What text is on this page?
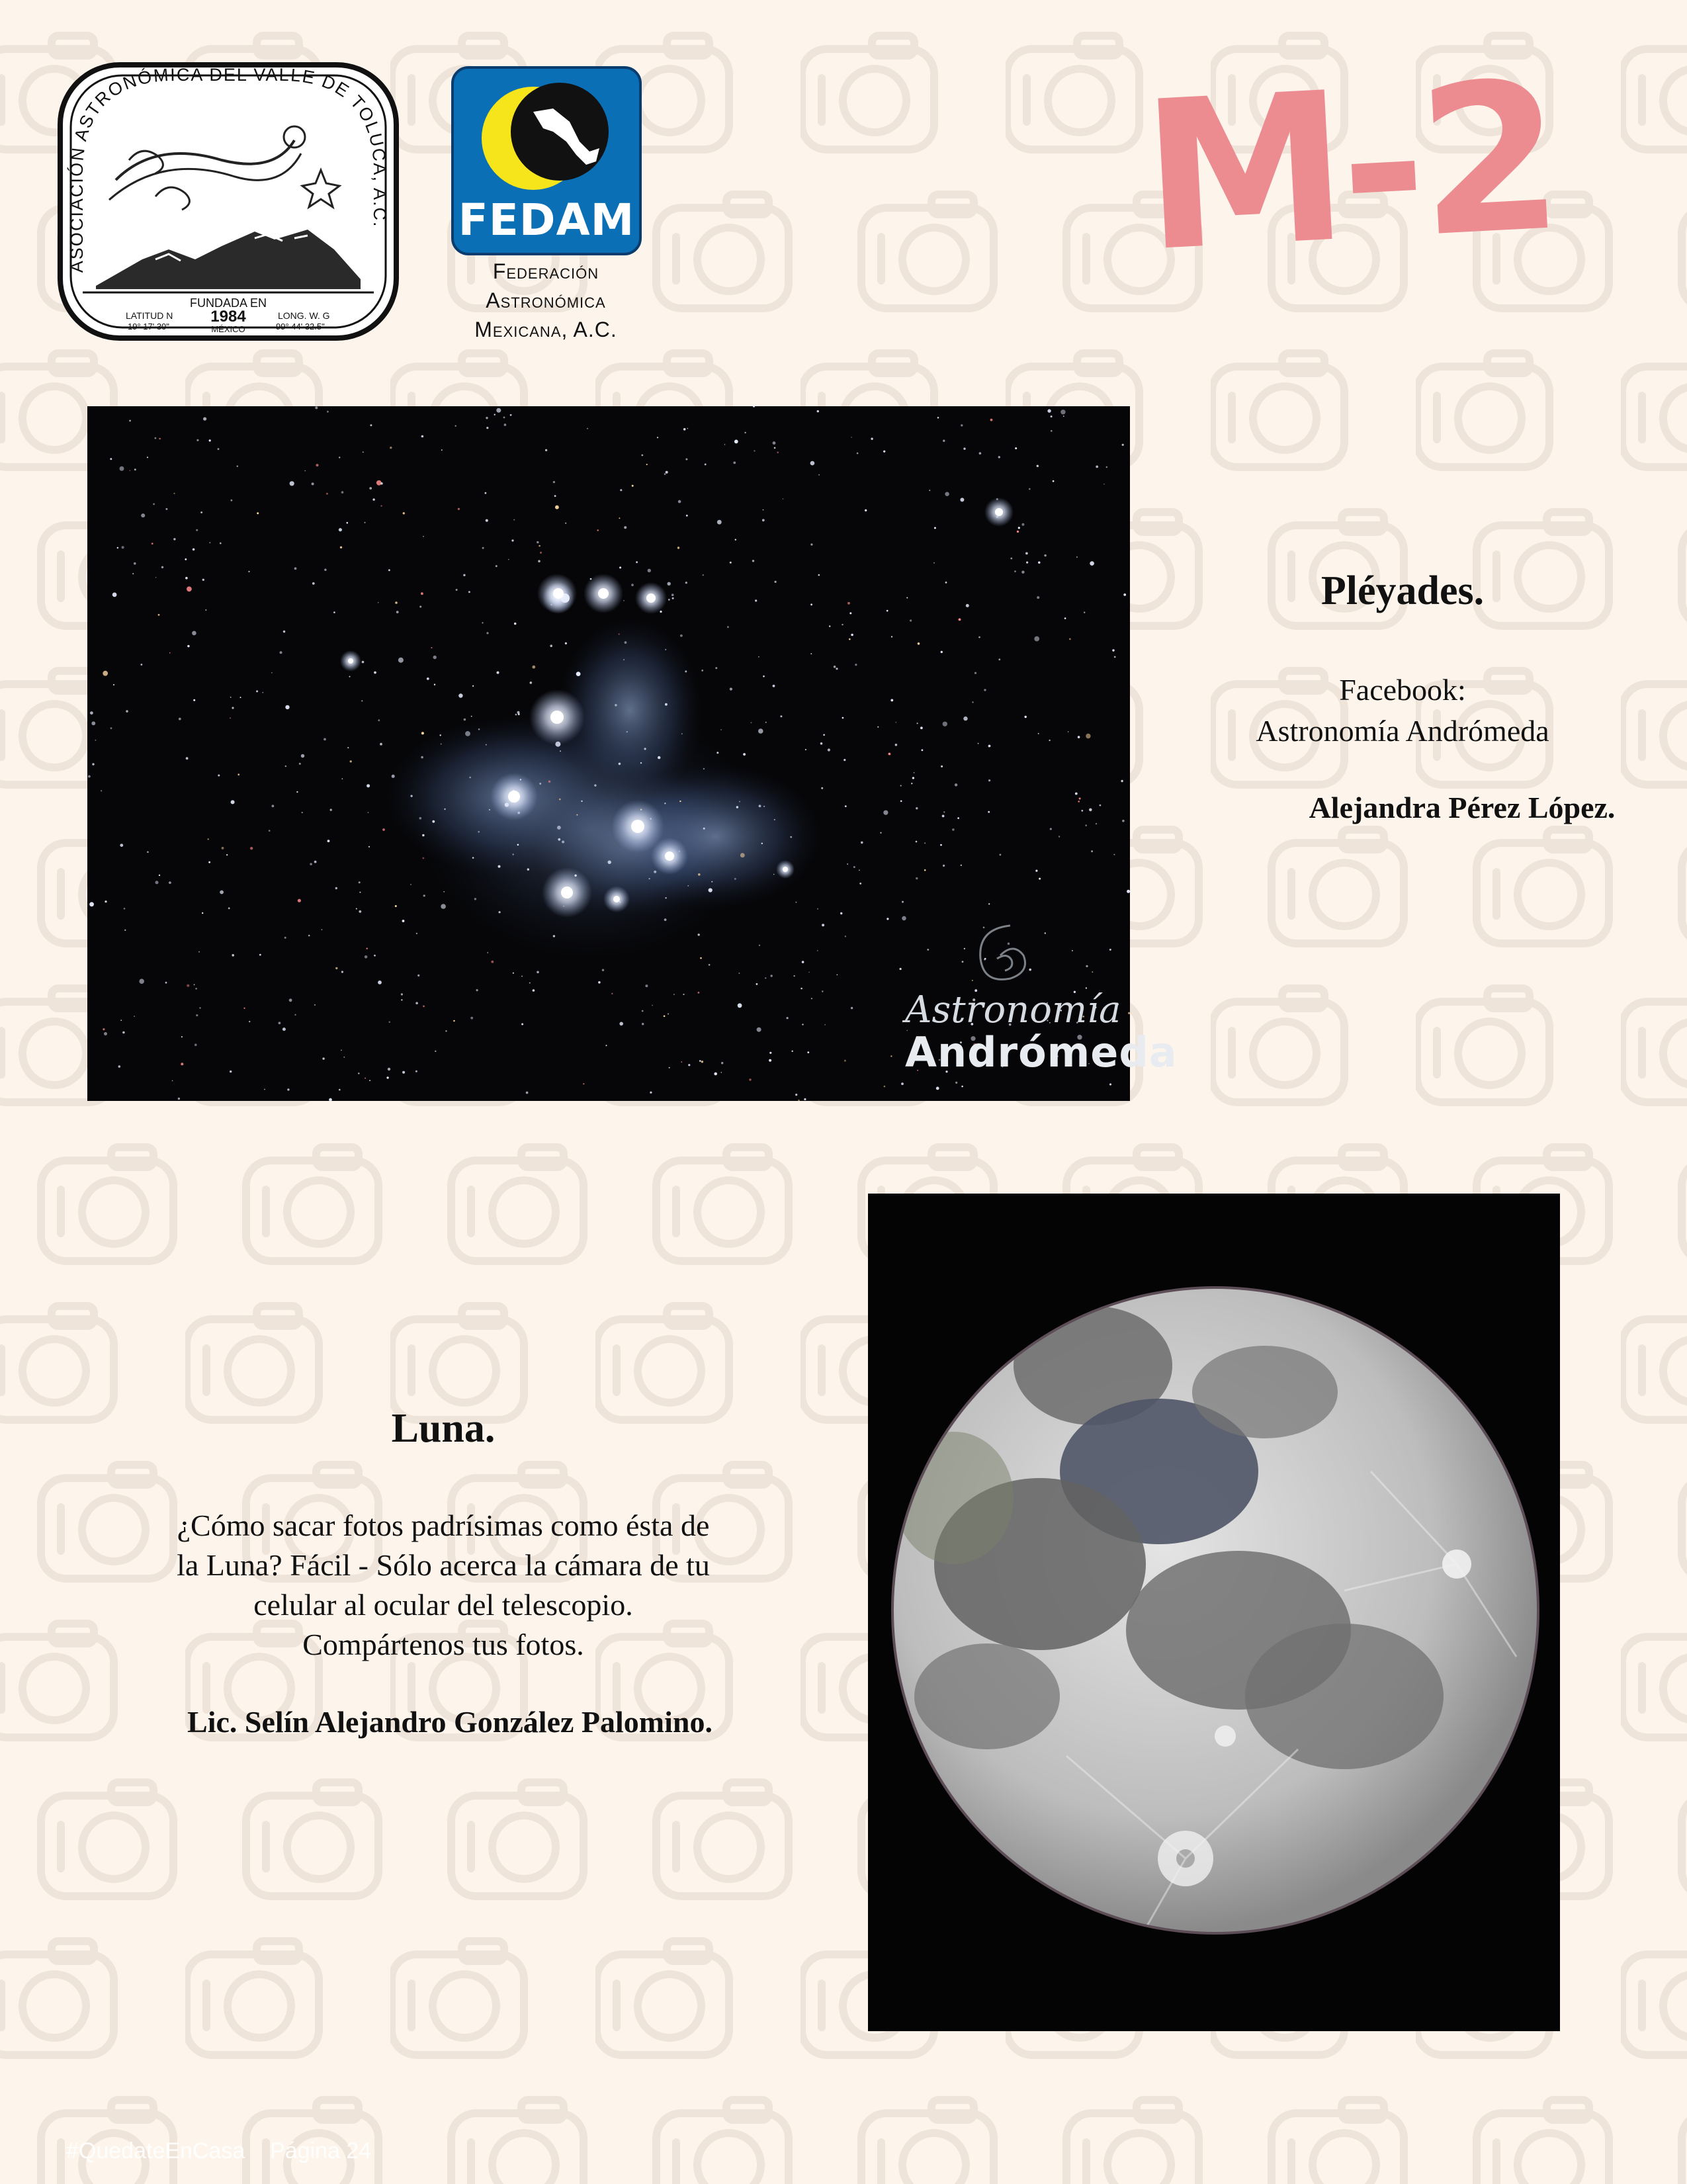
ASOCIACIÓN ASTRONÓMICA DEL VALLE DE TOLUCA, A.C.
FUNDADA EN
1984
MÉXICO
LATITUD N
19° 17' 30"
LONG. W. G
99° 44' 32.5"
FEDAM
Federación
Astronómica
Mexicana, A.C.
M-2
Astronomía
Andrómeda
Pléyades.
Facebook:
Astronomía Andrómeda
Alejandra Pérez López.
Luna.
¿Cómo sacar fotos padrísimas como ésta de
la Luna? Fácil - Sólo acerca la cámara de tu
celular al ocular del telescopio.
Compártenos tus fotos.
Lic. Selín Alejandro González Palomino.
#QuedateEnCasa    Página 24
